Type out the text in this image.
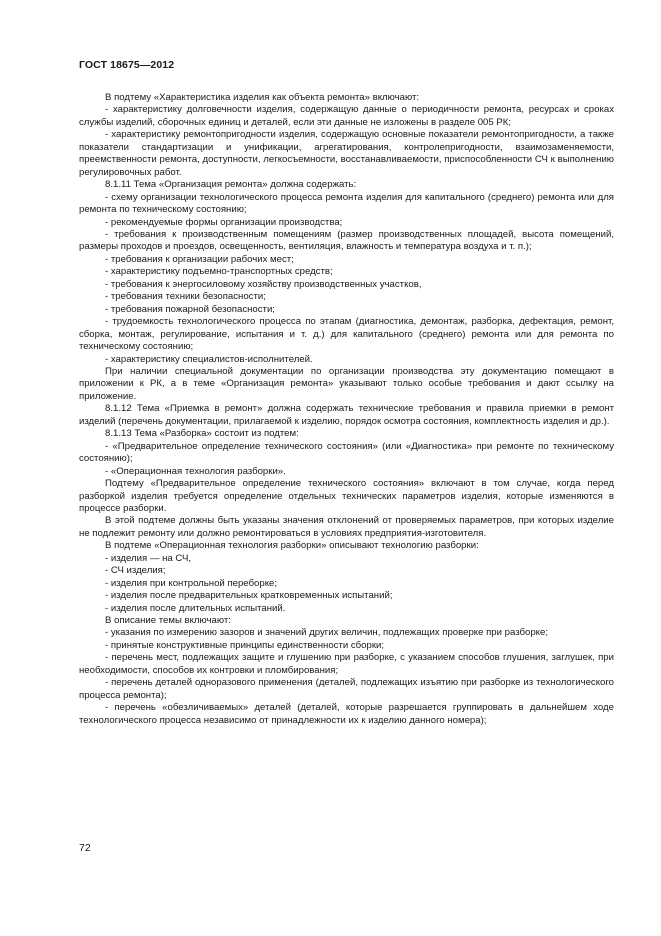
ГОСТ 18675—2012

В подтему «Характеристика изделия как объекта ремонта» включают:

- характеристику долговечности изделия, содержащую данные о периодичности ремонта, ресурсах и сроках службы изделий, сборочных единиц и деталей, если эти данные не изложены в разделе 005 РК;

- характеристику ремонтопригодности изделия, содержащую основные показатели ремонтопригодности, а также показатели стандартизации и унификации, агрегатирования, контролепригодности, взаимозаменяемости, преемственности ремонта, доступности, легкосъемности, восстанавливаемости, приспособленности СЧ к выполнению регулировочных работ.

8.1.11 Тема «Организация ремонта» должна содержать:

- схему организации технологического процесса ремонта изделия для капитального (среднего) ремонта или для ремонта по техническому состоянию;

- рекомендуемые формы организации производства;

- требования к производственным помещениям (размер производственных площадей, высота помещений, размеры проходов и проездов, освещенность, вентиляция, влажность и температура воздуха и т. п.);

- требования к организации рабочих мест;

- характеристику подъемно-транспортных средств;

- требования к энергосиловому хозяйству производственных участков,

- требования техники безопасности;

- требования пожарной безопасности;

- трудоемкость технологического процесса по этапам (диагностика, демонтаж, разборка, дефектация, ремонт, сборка, монтаж, регулирование, испытания и т. д.) для капитального (среднего) ремонта или для ремонта по техническому состоянию;

- характеристику специалистов-исполнителей.

При наличии специальной документации по организации производства эту документацию помещают в приложении к РК, а в теме «Организация ремонта» указывают только особые требования и дают ссылку на приложение.

8.1.12 Тема «Приемка в ремонт» должна содержать технические требования и правила приемки в ремонт изделий (перечень документации, прилагаемой к изделию, порядок осмотра состояния, комплектность изделия и др.).

8.1.13 Тема «Разборка» состоит из подтем:

- «Предварительное определение технического состояния» (или «Диагностика» при ремонте по техническому состоянию);

- «Операционная технология разборки».

Подтему «Предварительное определение технического состояния» включают в том случае, когда перед разборкой изделия требуется определение отдельных технических параметров изделия, которые изменяются в процессе разборки.

В этой подтеме должны быть указаны значения отклонений от проверяемых параметров, при которых изделие не подлежит ремонту или должно ремонтироваться в условиях предприятия-изготовителя.

В подтеме «Операционная технология разборки» описывают технологию разборки:

- изделия — на СЧ,

- СЧ изделия;

- изделия при контрольной переборке;

- изделия после предварительных кратковременных испытаний;

- изделия после длительных испытаний.

В описание темы включают:

- указания по измерению зазоров и значений других величин, подлежащих проверке при разборке;

- принятые конструктивные принципы единственности сборки;

- перечень мест, подлежащих защите и глушению при разборке, с указанием способов глушения, заглушек, при необходимости, способов их контровки и пломбирования;

- перечень деталей одноразового применения (деталей, подлежащих изъятию при разборке из технологического процесса ремонта);

- перечень «обезличиваемых» деталей (деталей, которые разрешается группировать в дальнейшем ходе технологического процесса независимо от принадлежности их к изделию данного номера);

72
